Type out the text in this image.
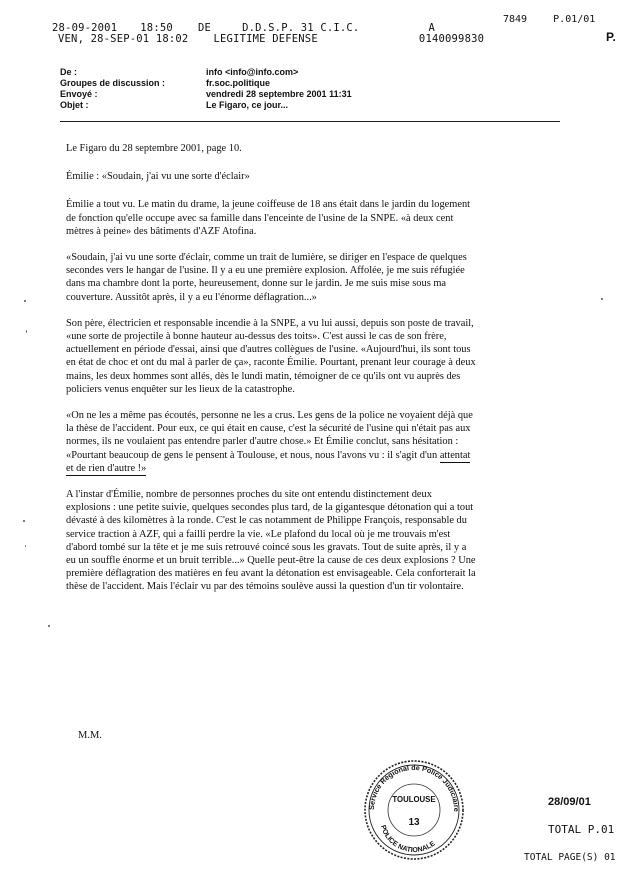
28-09-2001 18:50 DE	D.D.S.P. 31 C.I.C.	A
7849	P.01/01
P.
VEN, 28-SEP-01 18:02 LEGITIME DEFENSE	0140099830
De :	info <info@info.com>
Groupes de discussion :	fr.soc.politique
Envoyé :	vendredi 28 septembre 2001 11:31
Objet :	Le Figaro, ce jour...

Le Figaro du 28 septembre 2001, page 10.

Émilie : «Soudain, j'ai vu une sorte d'éclair»

Émilie a tout vu. Le matin du drame, la jeune coiffeuse de 18 ans était dans le jardin du logement de fonction qu'elle occupe avec sa famille dans l'enceinte de l'usine de la SNPE. «à deux cent mètres à peine» des bâtiments d'AZF Atofina.

«Soudain, j'ai vu une sorte d'éclair, comme un trait de lumière, se diriger en l'espace de quelques secondes vers le hangar de l'usine. Il y a eu une première explosion. Affolée, je me suis réfugiée dans ma chambre dont la porte, heureusement, donne sur le jardin. Je me suis mise sous ma couverture. Aussitôt après, il y a eu l'énorme déflagration...»

Son père, électricien et responsable incendie à la SNPE, a vu lui aussi, depuis son poste de travail, «une sorte de projectile à bonne hauteur au-dessus des toits». C'est aussi le cas de son frère, actuellement en période d'essai, ainsi que d'autres collègues de l'usine. «Aujourd'hui, ils sont tous en état de choc et ont du mal à parler de ça», raconte Émilie. Pourtant, prenant leur courage à deux mains, les deux hommes sont allés, dès le lundi matin, témoigner de ce qu'ils ont vu auprès des policiers venus enquêter sur les lieux de la catastrophe.

«On ne les a même pas écoutés, personne ne les a crus. Les gens de la police ne voyaient déjà que la thèse de l'accident. Pour eux, ce qui était en cause, c'est la sécurité de l'usine qui n'était pas aux normes, ils ne voulaient pas entendre parler d'autre chose.» Et Émilie conclut, sans hésitation : «Pourtant beaucoup de gens le pensent à Toulouse, et nous, nous l'avons vu : il s'agit d'un attentat et de rien d'autre !»

A l'instar d'Émilie, nombre de personnes proches du site ont entendu distinctement deux explosions : une petite suivie, quelques secondes plus tard, de la gigantesque détonation qui a tout dévasté à des kilomètres à la ronde. C'est le cas notamment de Philippe François, responsable du service traction à AZF, qui a failli perdre la vie. «Le plafond du local où je me trouvais m'est d'abord tombé sur la tête et je me suis retrouvé coincé sous les gravats. Tout de suite après, il y a eu un souffle énorme et un bruit terrible...» Quelle peut-être la cause de ces deux explosions ? Une première déflagration des matières en feu avant la détonation est envisageable. Cela conforterait la thèse de l'accident. Mais l'éclair vu par des témoins soulève aussi la question d'un tir volontaire.

M.M.
Service Régional de Police Judiciaire
TOULOUSE
13
POLICE NATIONALE
28/09/01
TOTAL P.01
TOTAL PAGE(S) 01
